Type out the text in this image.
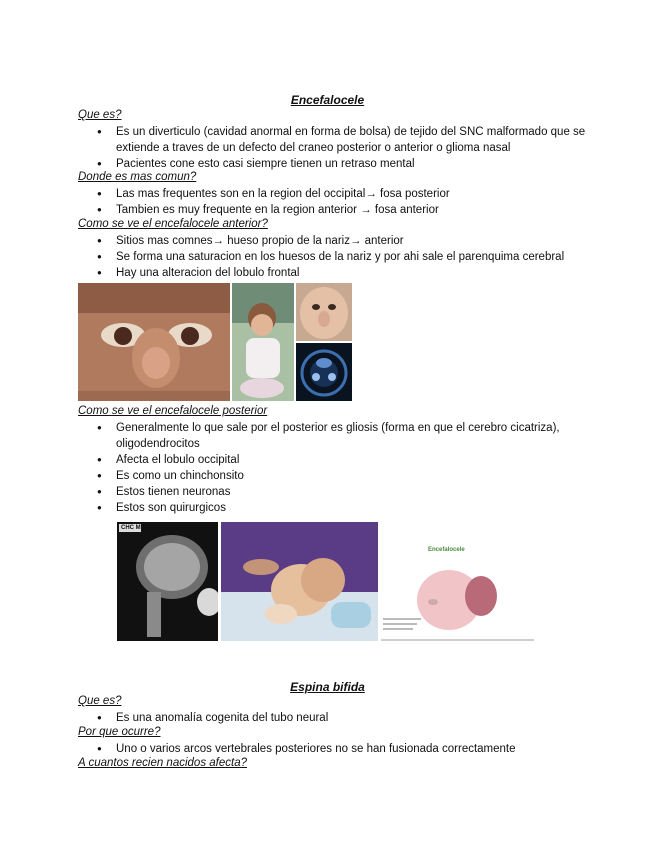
Encefalocele
Que es?
● Es un diverticulo (cavidad anormal en forma de bolsa) de tejido del SNC malformado que se extiende a traves de un defecto del craneo posterior o anterior o glioma nasal
● Pacientes cone esto casi siempre tienen un retraso mental
Donde es mas comun?
● Las mas frequentes son en la region del occipital→ fosa posterior
● Tambien es muy frequente en la region anterior → fosa anterior
Como se ve el encefalocele anterior?
● Sitios mas comnes→ hueso propio de la nariz→ anterior
● Se forma una saturacion en los huesos de la nariz y por ahi sale el parenquima cerebral
● Hay una alteracion del lobulo frontal
Como se ve el encefalocele posterior
● Generalmente lo que sale por el posterior es gliosis (forma en que el cerebro cicatriza), oligodendrocitos
● Afecta el lobulo occipital
● Es como un chinchonsito
● Estos tienen neuronas
● Estos son quirurgicos
CHC MRI
Encefalocele
Espina bifida
Que es?
● Es una anomalía cogenita del tubo neural
Por que ocurre?
● Uno o varios arcos vertebrales posteriores no se han fusionada correctamente
A cuantos recien nacidos afecta?
